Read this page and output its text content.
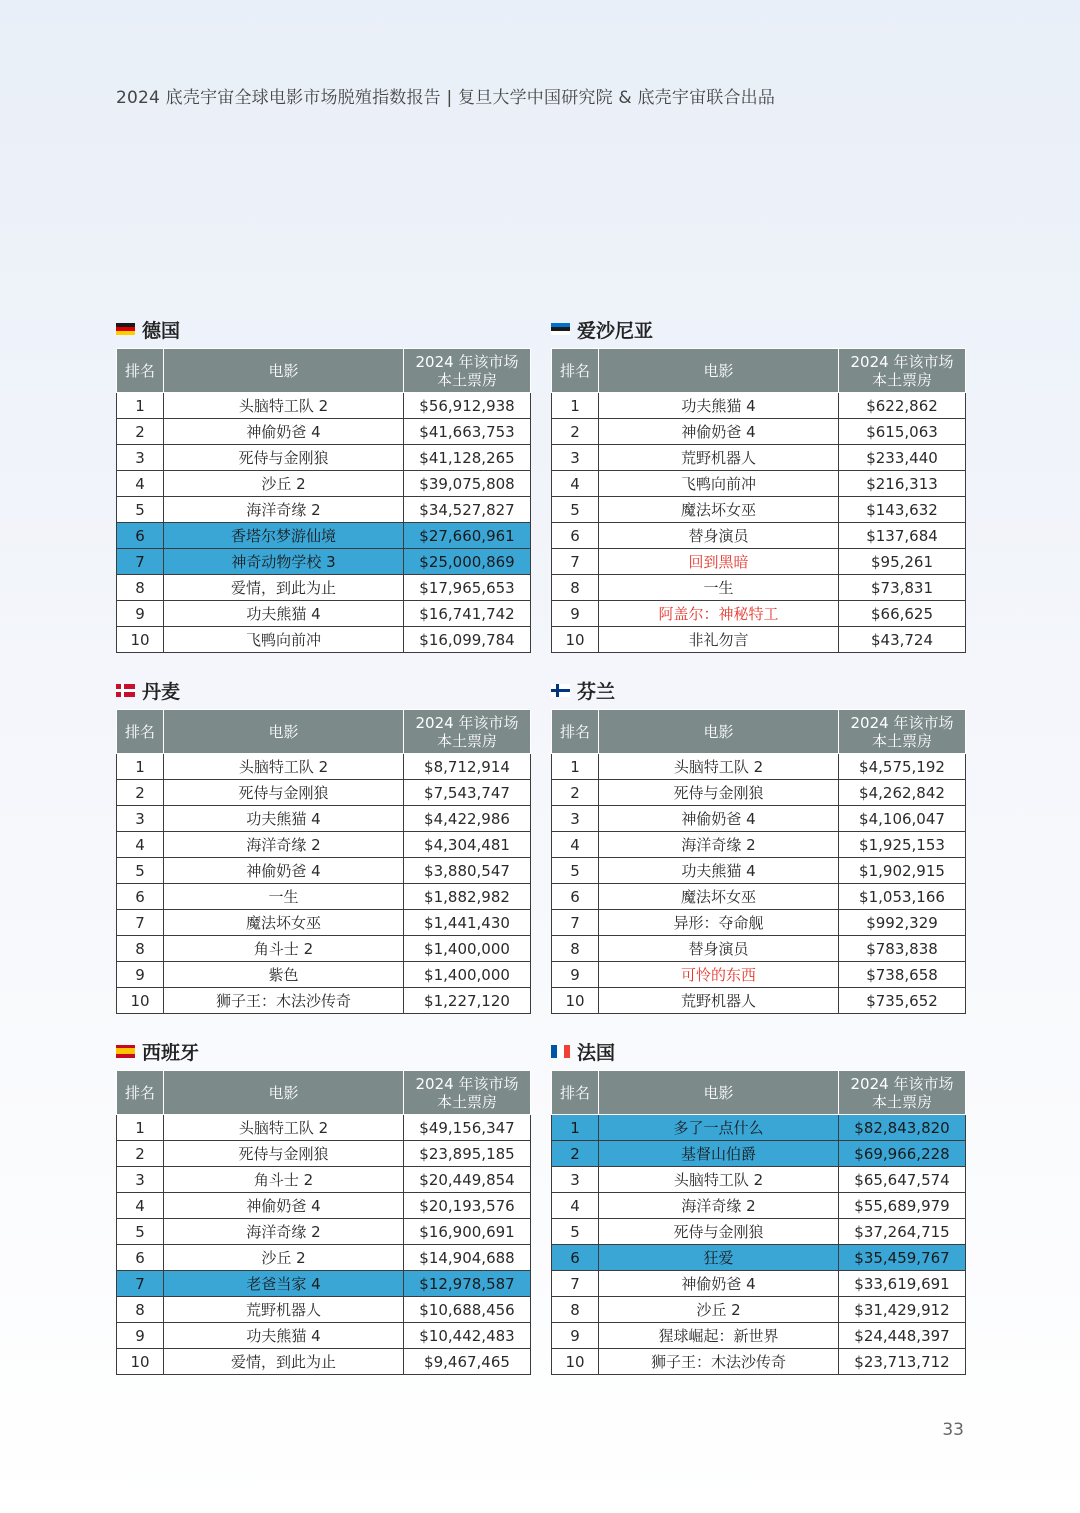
2024 底壳宇宙全球电影市场脱殖指数报告 | 复旦大学中国研究院 & 底壳宇宙联合出品
德国
排名	电影	2024 年该市场
本土票房

1	头脑特工队 2	$56,912,938
2	神偷奶爸 4	$41,663,753
3	死侍与金刚狼	$41,128,265
4	沙丘 2	$39,075,808
5	海洋奇缘 2	$34,527,827
6	香塔尔梦游仙境	$27,660,961
7	神奇动物学校 3	$25,000,869
8	爱情，到此为止	$17,965,653
9	功夫熊猫 4	$16,741,742
10	飞鸭向前冲	$16,099,784
爱沙尼亚
排名	电影	2024 年该市场
本土票房

1	功夫熊猫 4	$622,862
2	神偷奶爸 4	$615,063
3	荒野机器人	$233,440
4	飞鸭向前冲	$216,313
5	魔法坏女巫	$143,632
6	替身演员	$137,684
7	回到黑暗	$95,261
8	一生	$73,831
9	阿盖尔：神秘特工	$66,625
10	非礼勿言	$43,724
丹麦
排名	电影	2024 年该市场
本土票房

1	头脑特工队 2	$8,712,914
2	死侍与金刚狼	$7,543,747
3	功夫熊猫 4	$4,422,986
4	海洋奇缘 2	$4,304,481
5	神偷奶爸 4	$3,880,547
6	一生	$1,882,982
7	魔法坏女巫	$1,441,430
8	角斗士 2	$1,400,000
9	紫色	$1,400,000
10	狮子王：木法沙传奇	$1,227,120
芬兰
排名	电影	2024 年该市场
本土票房

1	头脑特工队 2	$4,575,192
2	死侍与金刚狼	$4,262,842
3	神偷奶爸 4	$4,106,047
4	海洋奇缘 2	$1,925,153
5	功夫熊猫 4	$1,902,915
6	魔法坏女巫	$1,053,166
7	异形：夺命舰	$992,329
8	替身演员	$783,838
9	可怜的东西	$738,658
10	荒野机器人	$735,652
西班牙
排名	电影	2024 年该市场
本土票房

1	头脑特工队 2	$49,156,347
2	死侍与金刚狼	$23,895,185
3	角斗士 2	$20,449,854
4	神偷奶爸 4	$20,193,576
5	海洋奇缘 2	$16,900,691
6	沙丘 2	$14,904,688
7	老爸当家 4	$12,978,587
8	荒野机器人	$10,688,456
9	功夫熊猫 4	$10,442,483
10	爱情，到此为止	$9,467,465
法国
排名	电影	2024 年该市场
本土票房

1	多了一点什么	$82,843,820
2	基督山伯爵	$69,966,228
3	头脑特工队 2	$65,647,574
4	海洋奇缘 2	$55,689,979
5	死侍与金刚狼	$37,264,715
6	狂爱	$35,459,767
7	神偷奶爸 4	$33,619,691
8	沙丘 2	$31,429,912
9	猩球崛起：新世界	$24,448,397
10	狮子王：木法沙传奇	$23,713,712
33
